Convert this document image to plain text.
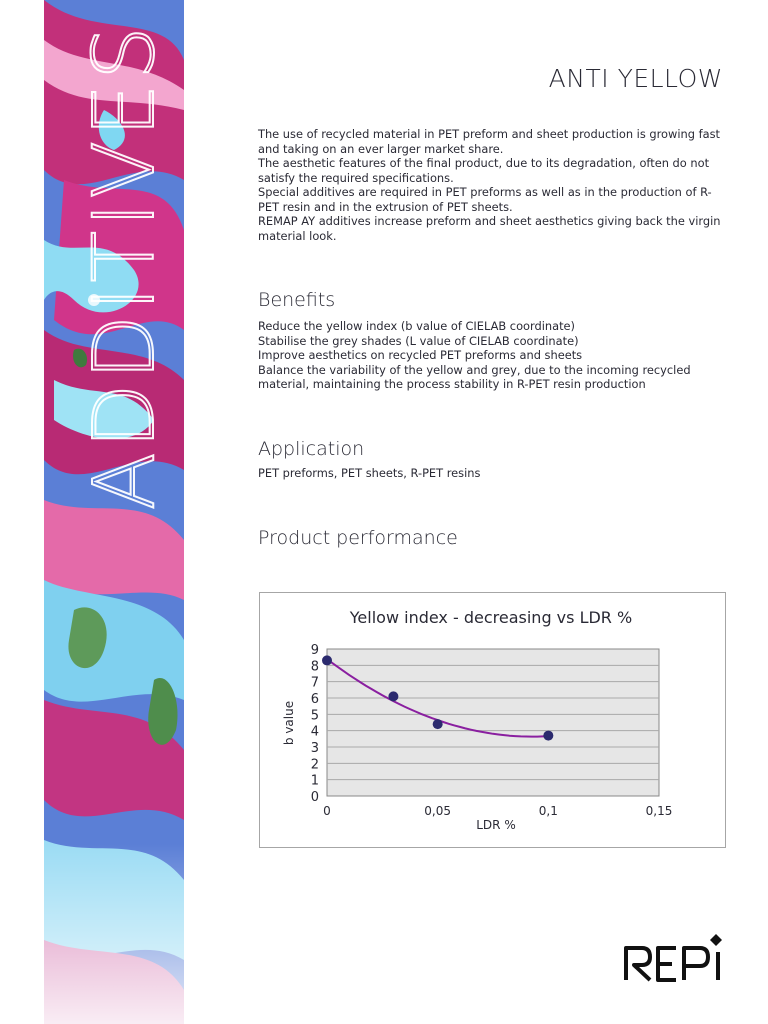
ADDITIVES	ANTI YELLOW

The use of recycled material in PET preform and sheet production is growing fast and taking on an ever larger market share.

The aesthetic features of the final product, due to its degradation, often do not satisfy the required specifications.

Special additives are required in PET preforms as well as in the production of R-PET resin and in the extrusion of PET sheets.

REMAP AY additives increase preform and sheet aesthetics giving back the virgin material look.

Benefits

Reduce the yellow index (b value of CIELAB coordinate)

Stabilise the grey shades (L value of CIELAB coordinate)

Improve aesthetics on recycled PET preforms and sheets

Balance the variability of the yellow and grey, due to the incoming recycled material, maintaining the process stability in R-PET resin production

Application
PET preforms, PET sheets, R-PET resins
Product performance
Yellow index - decreasing vs LDR %
0
1
2
3
4
5
6
7
8
9
0	0,05	0,1	0,15
LDR %
b value
